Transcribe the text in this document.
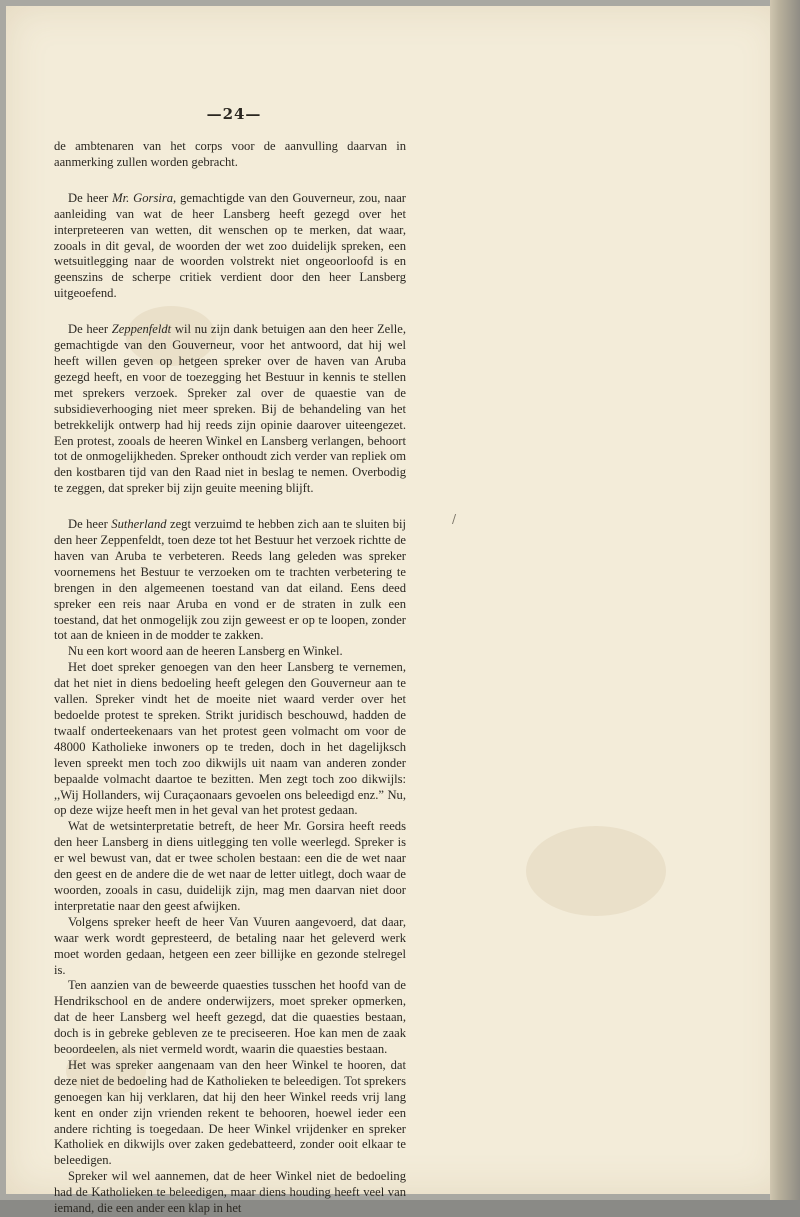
—24—

de ambtenaren van het corps voor de aanvulling daarvan in aanmerking zullen worden gebracht.

De heer Mr. Gorsira, gemachtigde van den Gouverneur, zou, naar aanleiding van wat de heer Lansberg heeft gezegd over het interpreteeren van wetten, dit wenschen op te merken, dat waar, zooals in dit geval, de woorden der wet zoo duidelijk spreken, een wetsuitlegging naar de woorden volstrekt niet ongeoorloofd is en geenszins de scherpe critiek verdient door den heer Lansberg uitgeoefend.

De heer Zeppenfeldt wil nu zijn dank betuigen aan den heer Zelle, gemachtigde van den Gouverneur, voor het antwoord, dat hij wel heeft willen geven op hetgeen spreker over de haven van Aruba gezegd heeft, en voor de toezegging het Bestuur in kennis te stellen met sprekers verzoek. Spreker zal over de quaestie van de subsidieverhooging niet meer spreken. Bij de behandeling van het betrekkelijk ontwerp had hij reeds zijn opinie daarover uiteengezet. Een protest, zooals de heeren Winkel en Lansberg verlangen, behoort tot de onmogelijkheden. Spreker onthoudt zich verder van repliek om den kostbaren tijd van den Raad niet in beslag te nemen. Overbodig te zeggen, dat spreker bij zijn geuite meening blijft.

De heer Sutherland zegt verzuimd te hebben zich aan te sluiten bij den heer Zeppenfeldt, toen deze tot het Bestuur het verzoek richtte de haven van Aruba te verbeteren. Reeds lang geleden was spreker voornemens het Bestuur te verzoeken om te trachten verbetering te brengen in den algemeenen toestand van dat eiland. Eens deed spreker een reis naar Aruba en vond er de straten in zulk een toestand, dat het onmogelijk zou zijn geweest er op te loopen, zonder tot aan de knieen in de modder te zakken.

Nu een kort woord aan de heeren Lansberg en Winkel.

Het doet spreker genoegen van den heer Lansberg te vernemen, dat het niet in diens bedoeling heeft gelegen den Gouverneur aan te vallen. Spreker vindt het de moeite niet waard verder over het bedoelde protest te spreken. Strikt juridisch beschouwd, hadden de twaalf onderteekenaars van het protest geen volmacht om voor de 48000 Katholieke inwoners op te treden, doch in het dagelijksch leven spreekt men toch zoo dikwijls uit naam van anderen zonder bepaalde volmacht daartoe te bezitten. Men zegt toch zoo dikwijls: ,,Wij Hollanders, wij Curaçaonaars gevoelen ons beleedigd enz.” Nu, op deze wijze heeft men in het geval van het protest gedaan.

Wat de wetsinterpretatie betreft, de heer Mr. Gorsira heeft reeds den heer Lansberg in diens uitlegging ten volle weerlegd. Spreker is er wel bewust van, dat er twee scholen bestaan: een die de wet naar den geest en de andere die de wet naar de letter uitlegt, doch waar de woorden, zooals in casu, duidelijk zijn, mag men daarvan niet door interpretatie naar den geest afwijken.

Volgens spreker heeft de heer Van Vuuren aangevoerd, dat daar, waar werk wordt gepresteerd, de betaling naar het geleverd werk moet worden gedaan, hetgeen een zeer billijke en gezonde stelregel is.

Ten aanzien van de beweerde quaesties tusschen het hoofd van de Hendrikschool en de andere onderwijzers, moet spreker opmerken, dat de heer Lansberg wel heeft gezegd, dat die quaesties bestaan, doch is in gebreke gebleven ze te preciseeren. Hoe kan men de zaak beoordeelen, als niet vermeld wordt, waarin die quaesties bestaan.

Het was spreker aangenaam van den heer Winkel te hooren, dat deze niet de bedoeling had de Katholieken te beleedigen. Tot sprekers genoegen kan hij verklaren, dat hij den heer Winkel reeds vrij lang kent en onder zijn vrienden rekent te behooren, hoewel ieder een andere richting is toegedaan. De heer Winkel vrijdenker en spreker Katholiek en dikwijls over zaken gedebatteerd, zonder ooit elkaar te beleedigen.

Spreker wil wel aannemen, dat de heer Winkel niet de bedoeling had de Katholieken te beleedigen, maar diens houding heeft veel van iemand, die een ander een klap in het

/
